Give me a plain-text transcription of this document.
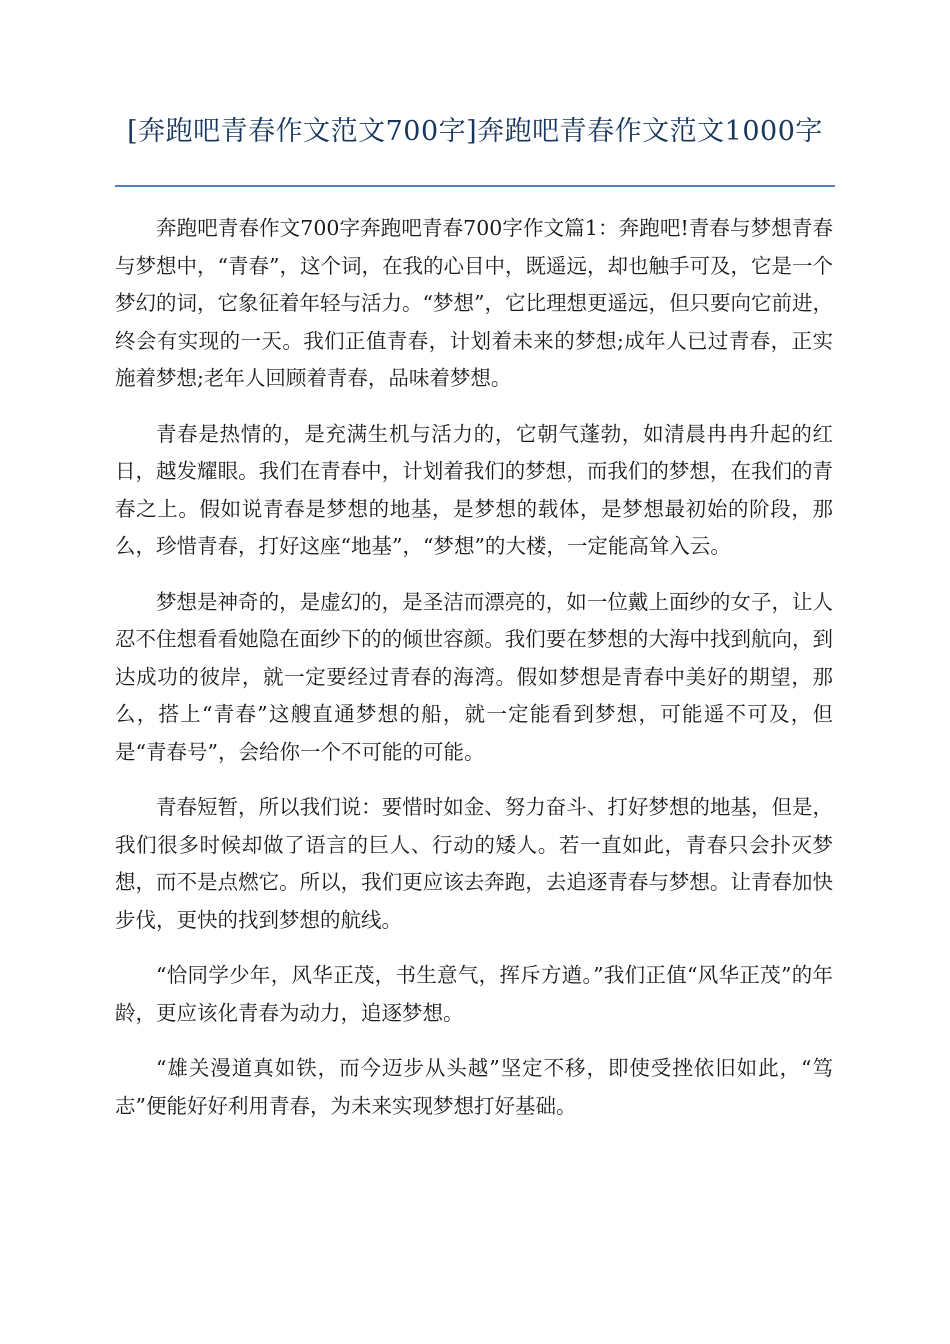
[奔跑吧青春作文范文700字]奔跑吧青春作文范文1000字

奔跑吧青春作文700字奔跑吧青春700字作文篇1：奔跑吧!青春与梦想青春与梦想中，“青春”，这个词，在我的心目中，既遥远，却也触手可及，它是一个梦幻的词，它象征着年轻与活力。“梦想”，它比理想更遥远，但只要向它前进，终会有实现的一天。我们正值青春，计划着未来的梦想;成年人已过青春，正实施着梦想;老年人回顾着青春，品味着梦想。

青春是热情的，是充满生机与活力的，它朝气蓬勃，如清晨冉冉升起的红日，越发耀眼。我们在青春中，计划着我们的梦想，而我们的梦想，在我们的青春之上。假如说青春是梦想的地基，是梦想的载体，是梦想最初始的阶段，那么，珍惜青春，打好这座“地基”，“梦想”的大楼，一定能高耸入云。

梦想是神奇的，是虚幻的，是圣洁而漂亮的，如一位戴上面纱的女子，让人忍不住想看看她隐在面纱下的的倾世容颜。我们要在梦想的大海中找到航向，到达成功的彼岸，就一定要经过青春的海湾。假如梦想是青春中美好的期望，那么，搭上“青春”这艘直通梦想的船，就一定能看到梦想，可能遥不可及，但是“青春号”，会给你一个不可能的可能。

青春短暂，所以我们说：要惜时如金、努力奋斗、打好梦想的地基，但是，我们很多时候却做了语言的巨人、行动的矮人。若一直如此，青春只会扑灭梦想，而不是点燃它。所以，我们更应该去奔跑，去追逐青春与梦想。让青春加快步伐，更快的找到梦想的航线。

“恰同学少年，风华正茂，书生意气，挥斥方遒。”我们正值“风华正茂”的年龄，更应该化青春为动力，追逐梦想。

“雄关漫道真如铁，而今迈步从头越”坚定不移，即使受挫依旧如此，“笃志”便能好好利用青春，为未来实现梦想打好基础。
